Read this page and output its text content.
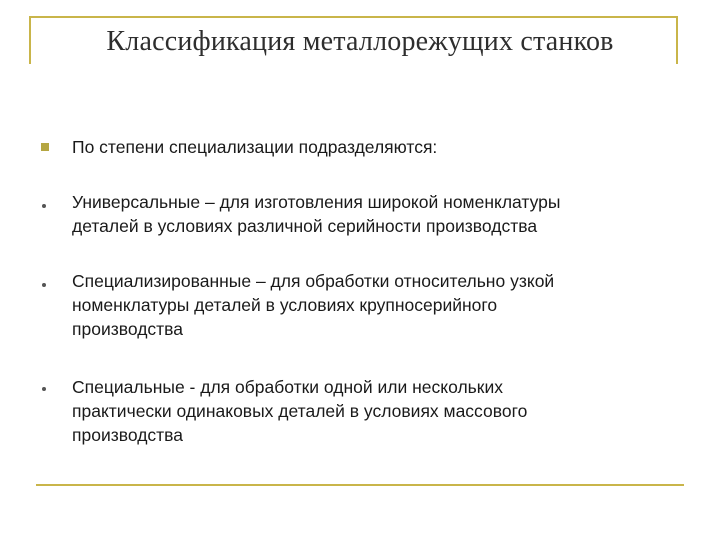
Классификация металлорежущих станков
По степени специализации подразделяются:
Универсальные – для изготовления широкой номенклатуры
деталей в условиях различной серийности производства
Специализированные – для обработки относительно узкой
номенклатуры деталей в условиях крупносерийного
производства
Специальные - для обработки одной или нескольких
практически одинаковых деталей в условиях массового
производства
